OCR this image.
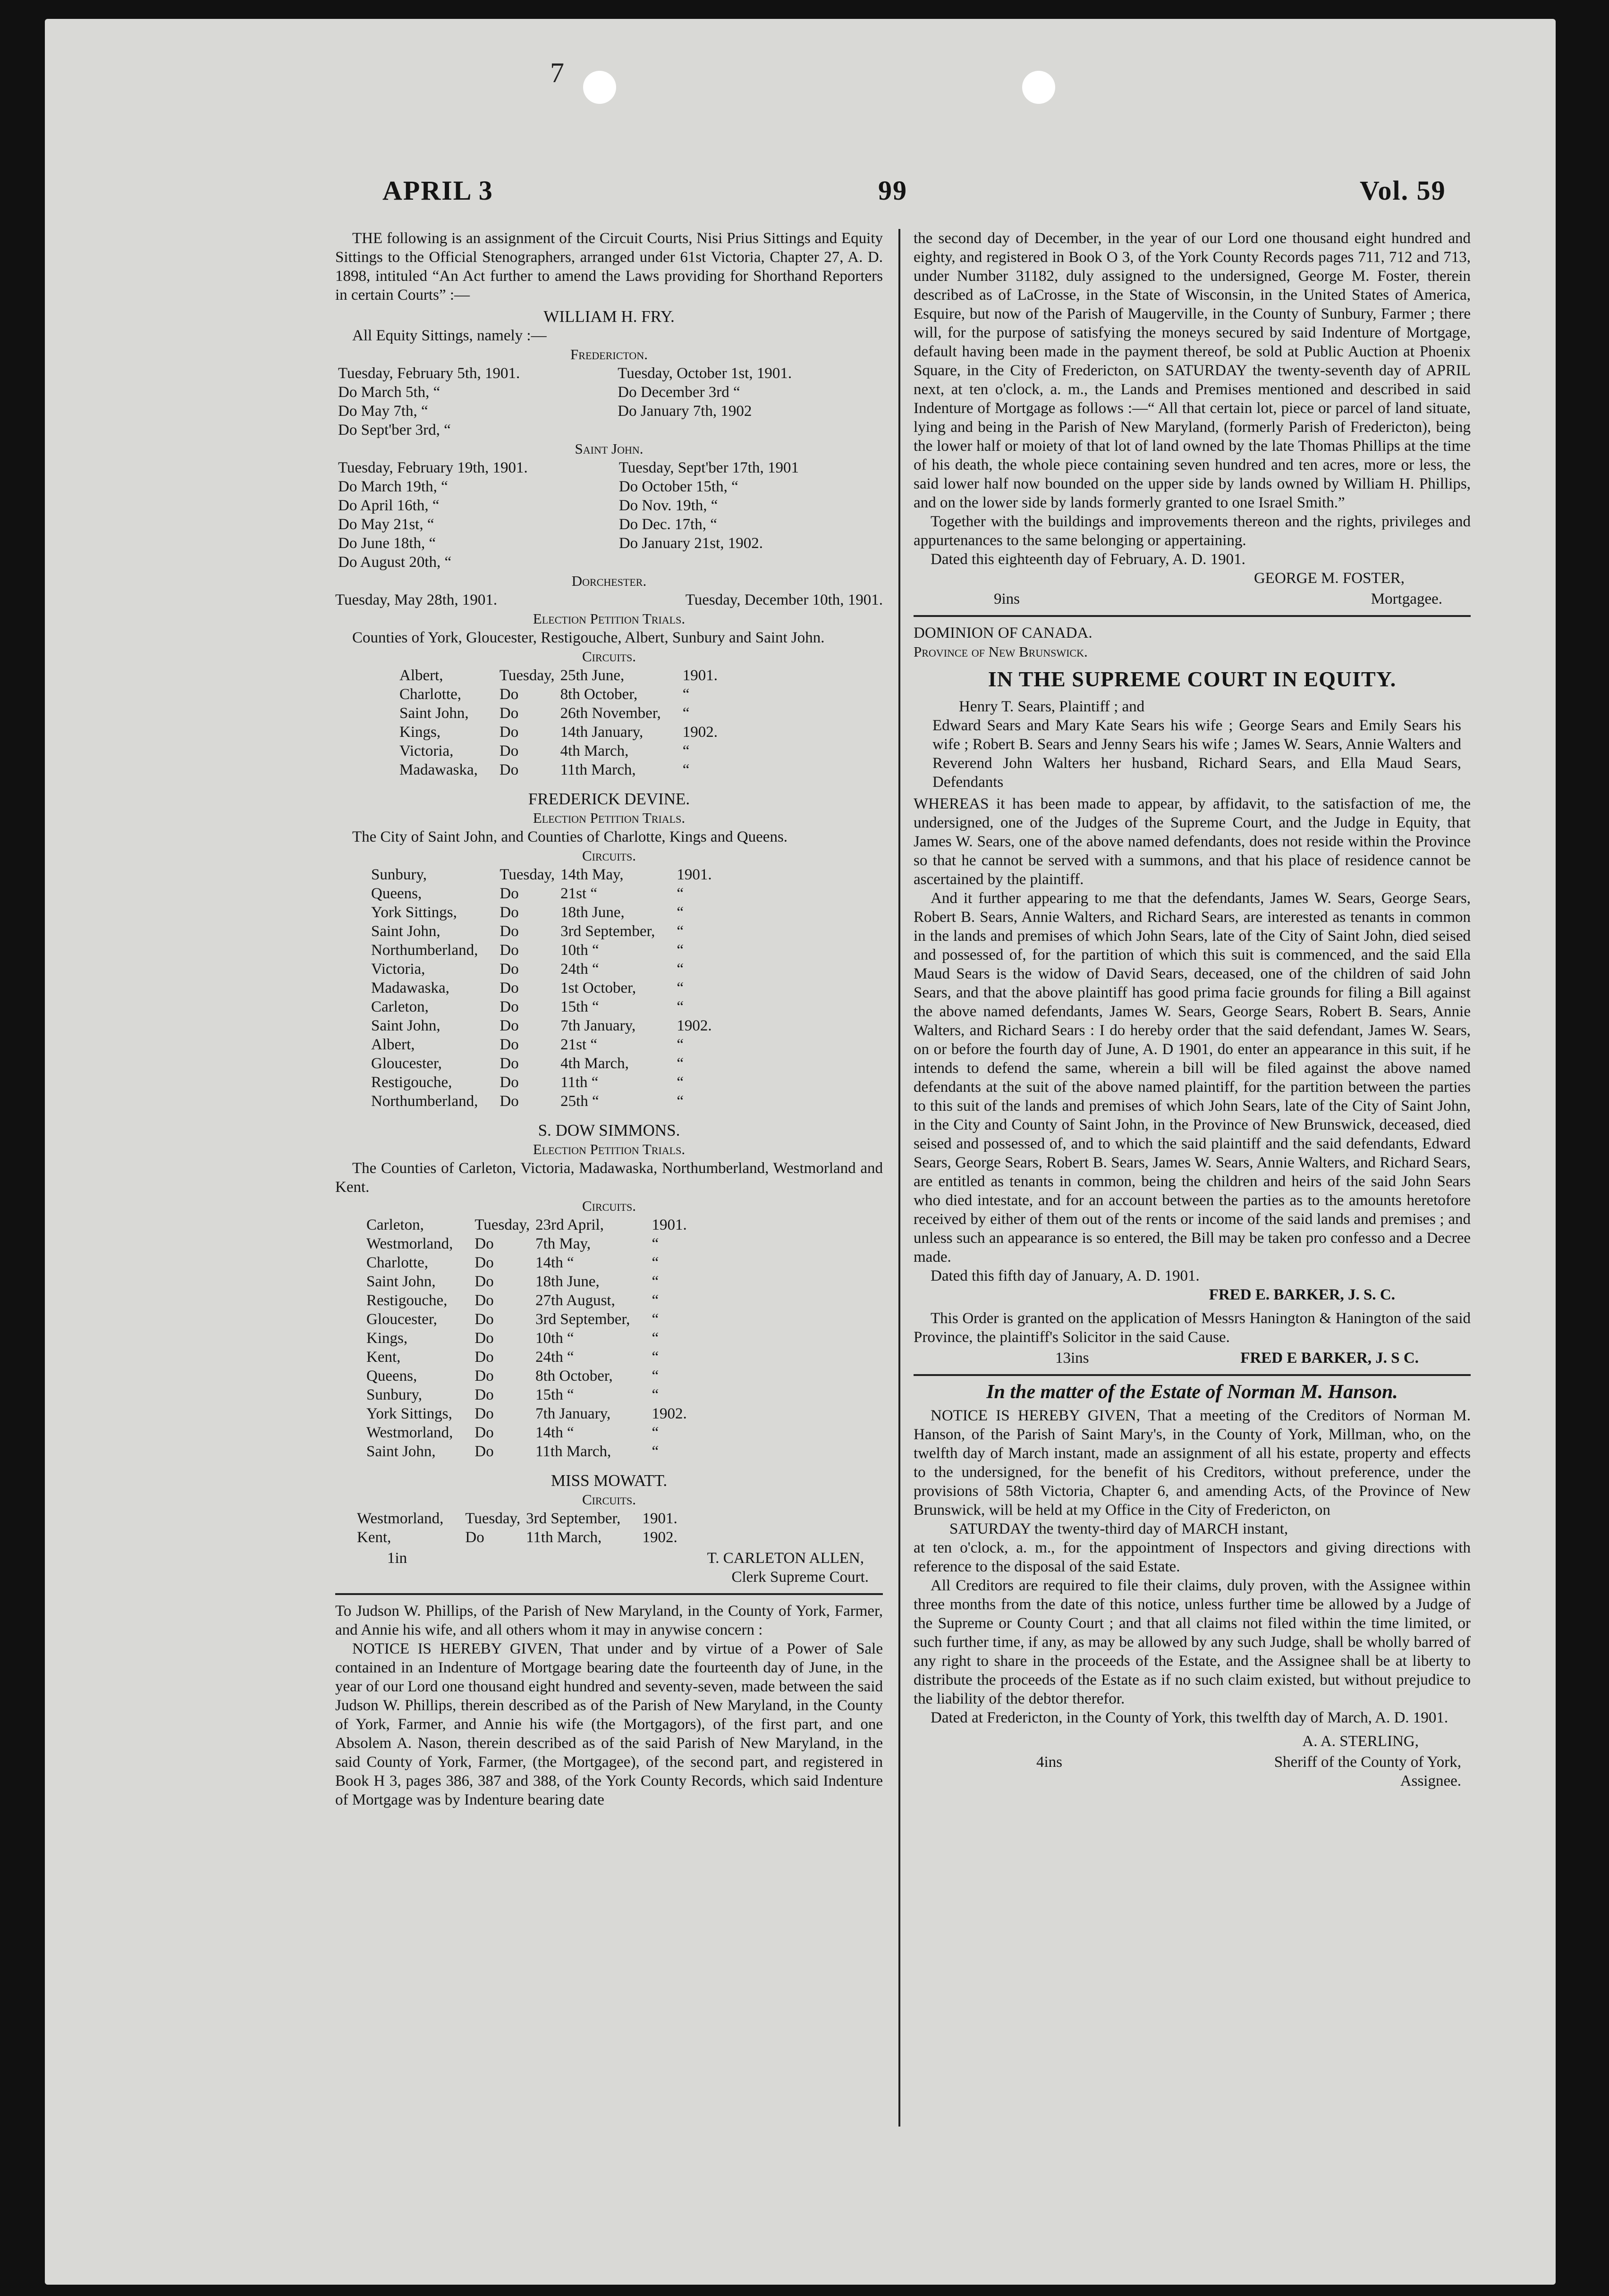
7
APRIL 3	99	Vol. 59

THE following is an assignment of the Circuit Courts, Nisi Prius Sittings and Equity Sittings to the Official Stenographers, arranged under 61st Victoria, Chapter 27, A. D. 1898, intituled “An Act further to amend the Laws providing for Shorthand Reporters in certain Courts” :—

WILLIAM H. FRY.

All Equity Sittings, namely :—

Fredericton.
Tuesday, February 5th, 1901.	Tuesday, October 1st, 1901.
Do March 5th, “	Do December 3rd “
Do May 7th, “	Do January 7th, 1902
Do Sept'ber 3rd, “	
Saint John.
Tuesday, February 19th, 1901.	Tuesday, Sept'ber 17th, 1901
Do March 19th, “	Do October 15th, “
Do April 16th, “	Do Nov. 19th, “
Do May 21st, “	Do Dec. 17th, “
Do June 18th, “	Do January 21st, 1902.
Do August 20th, “	
Dorchester.
Tuesday, May 28th, 1901.	Tuesday, December 10th, 1901.
Election Petition Trials.

Counties of York, Gloucester, Restigouche, Albert, Sunbury and Saint John.

Circuits.
Albert,	Tuesday,	25th June,	1901.
Charlotte,	Do	8th October,	“
Saint John,	Do	26th November,	“
Kings,	Do	14th January,	1902.
Victoria,	Do	4th March,	“
Madawaska,	Do	11th March,	“
FREDERICK DEVINE.
Election Petition Trials.

The City of Saint John, and Counties of Charlotte, Kings and Queens.

Circuits.
Sunbury,	Tuesday,	14th May,	1901.
Queens,	Do	21st “	“
York Sittings,	Do	18th June,	“
Saint John,	Do	3rd September,	“
Northumberland,	Do	10th “	“
Victoria,	Do	24th “	“
Madawaska,	Do	1st October,	“
Carleton,	Do	15th “	“
Saint John,	Do	7th January,	1902.
Albert,	Do	21st “	“
Gloucester,	Do	4th March,	“
Restigouche,	Do	11th “	“
Northumberland,	Do	25th “	“
S. DOW SIMMONS.
Election Petition Trials.

The Counties of Carleton, Victoria, Madawaska, Northumberland, Westmorland and Kent.

Circuits.
Carleton,	Tuesday,	23rd April,	1901.
Westmorland,	Do	7th May,	“
Charlotte,	Do	14th “	“
Saint John,	Do	18th June,	“
Restigouche,	Do	27th August,	“
Gloucester,	Do	3rd September,	“
Kings,	Do	10th “	“
Kent,	Do	24th “	“
Queens,	Do	8th October,	“
Sunbury,	Do	15th “	“
York Sittings,	Do	7th January,	1902.
Westmorland,	Do	14th “	“
Saint John,	Do	11th March,	“
MISS MOWATT.
Circuits.
Westmorland,	Tuesday,	3rd September,	1901.
Kent,	Do	11th March,	1902.
1in	T. CARLETON ALLEN,
Clerk Supreme Court.

To Judson W. Phillips, of the Parish of New Maryland, in the County of York, Farmer, and Annie his wife, and all others whom it may in anywise concern :

NOTICE IS HEREBY GIVEN, That under and by virtue of a Power of Sale contained in an Indenture of Mortgage bearing date the fourteenth day of June, in the year of our Lord one thousand eight hundred and seventy-seven, made between the said Judson W. Phillips, therein described as of the Parish of New Maryland, in the County of York, Farmer, and Annie his wife (the Mortgagors), of the first part, and one Absolem A. Nason, therein described as of the said Parish of New Maryland, in the said County of York, Farmer, (the Mortgagee), of the second part, and registered in Book H 3, pages 386, 387 and 388, of the York County Records, which said Indenture of Mortgage was by Indenture bearing date

the second day of December, in the year of our Lord one thousand eight hundred and eighty, and registered in Book O 3, of the York County Records pages 711, 712 and 713, under Number 31182, duly assigned to the undersigned, George M. Foster, therein described as of LaCrosse, in the State of Wisconsin, in the United States of America, Esquire, but now of the Parish of Maugerville, in the County of Sunbury, Farmer ; there will, for the purpose of satisfying the moneys secured by said Indenture of Mortgage, default having been made in the payment thereof, be sold at Public Auction at Phoenix Square, in the City of Fredericton, on SATURDAY the twenty-seventh day of APRIL next, at ten o'clock, a. m., the Lands and Premises mentioned and described in said Indenture of Mortgage as follows :—“ All that certain lot, piece or parcel of land situate, lying and being in the Parish of New Maryland, (formerly Parish of Fredericton), being the lower half or moiety of that lot of land owned by the late Thomas Phillips at the time of his death, the whole piece containing seven hundred and ten acres, more or less, the said lower half now bounded on the upper side by lands owned by William H. Phillips, and on the lower side by lands formerly granted to one Israel Smith.”

Together with the buildings and improvements thereon and the rights, privileges and appurtenances to the same belonging or appertaining.

Dated this eighteenth day of February, A. D. 1901.

GEORGE M. FOSTER,
9ins	Mortgagee.
DOMINION OF CANADA.
Province of New Brunswick.
IN THE SUPREME COURT IN EQUITY.

Henry T. Sears, Plaintiff ; and

Edward Sears and Mary Kate Sears his wife ; George Sears and Emily Sears his wife ; Robert B. Sears and Jenny Sears his wife ; James W. Sears, Annie Walters and Reverend John Walters her husband, Richard Sears, and Ella Maud Sears, Defendants

WHEREAS it has been made to appear, by affidavit, to the satisfaction of me, the undersigned, one of the Judges of the Supreme Court, and the Judge in Equity, that James W. Sears, one of the above named defendants, does not reside within the Province so that he cannot be served with a summons, and that his place of residence cannot be ascertained by the plaintiff.

And it further appearing to me that the defendants, James W. Sears, George Sears, Robert B. Sears, Annie Walters, and Richard Sears, are interested as tenants in common in the lands and premises of which John Sears, late of the City of Saint John, died seised and possessed of, for the partition of which this suit is commenced, and the said Ella Maud Sears is the widow of David Sears, deceased, one of the children of said John Sears, and that the above plaintiff has good prima facie grounds for filing a Bill against the above named defendants, James W. Sears, George Sears, Robert B. Sears, Annie Walters, and Richard Sears : I do hereby order that the said defendant, James W. Sears, on or before the fourth day of June, A. D 1901, do enter an appearance in this suit, if he intends to defend the same, wherein a bill will be filed against the above named defendants at the suit of the above named plaintiff, for the partition between the parties to this suit of the lands and premises of which John Sears, late of the City of Saint John, in the City and County of Saint John, in the Province of New Brunswick, deceased, died seised and possessed of, and to which the said plaintiff and the said defendants, Edward Sears, George Sears, Robert B. Sears, James W. Sears, Annie Walters, and Richard Sears, are entitled as tenants in common, being the children and heirs of the said John Sears who died intestate, and for an account between the parties as to the amounts heretofore received by either of them out of the rents or income of the said lands and premises ; and unless such an appearance is so entered, the Bill may be taken pro confesso and a Decree made.

Dated this fifth day of January, A. D. 1901.

FRED E. BARKER, J. S. C.

This Order is granted on the application of Messrs Hanington & Hanington of the said Province, the plaintiff's Solicitor in the said Cause.

13ins	FRED E BARKER, J. S C.
In the matter of the Estate of Norman M. Hanson.

NOTICE IS HEREBY GIVEN, That a meeting of the Creditors of Norman M. Hanson, of the Parish of Saint Mary's, in the County of York, Millman, who, on the twelfth day of March instant, made an assignment of all his estate, property and effects to the undersigned, for the benefit of his Creditors, without preference, under the provisions of 58th Victoria, Chapter 6, and amending Acts, of the Province of New Brunswick, will be held at my Office in the City of Fredericton, on

SATURDAY the twenty-third day of MARCH instant,

at ten o'clock, a. m., for the appointment of Inspectors and giving directions with reference to the disposal of the said Estate.

All Creditors are required to file their claims, duly proven, with the Assignee within three months from the date of this notice, unless further time be allowed by a Judge of the Supreme or County Court ; and that all claims not filed within the time limited, or such further time, if any, as may be allowed by any such Judge, shall be wholly barred of any right to share in the proceeds of the Estate, and the Assignee shall be at liberty to distribute the proceeds of the Estate as if no such claim existed, but without prejudice to the liability of the debtor therefor.

Dated at Fredericton, in the County of York, this twelfth day of March, A. D. 1901.

A. A. STERLING,
4ins	Sheriff of the County of York,
Assignee.
